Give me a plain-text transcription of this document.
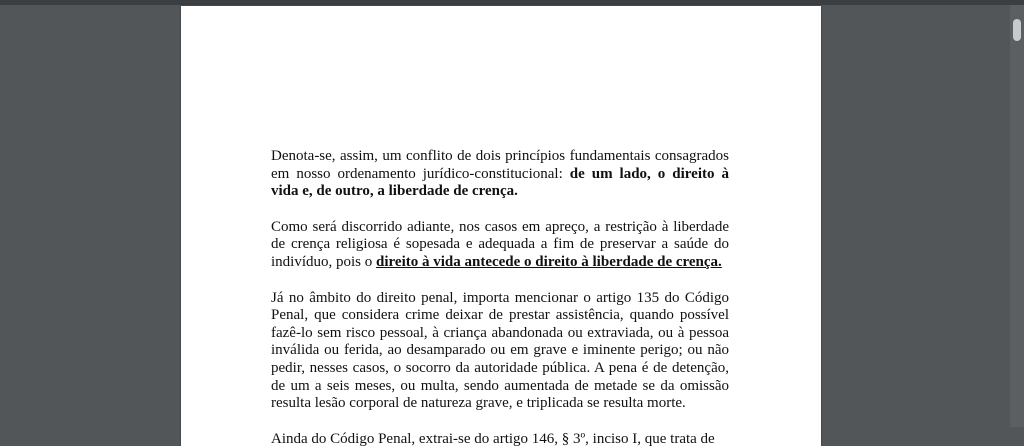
Denota-se, assim, um conflito de dois princípios fundamentais consagrados em nosso ordenamento jurídico-constitucional: de um lado, o direito à vida e, de outro, a liberdade de crença.

Como será discorrido adiante, nos casos em apreço, a restrição à liberdade de crença religiosa é sopesada e adequada a fim de preservar a saúde do indivíduo, pois o direito à vida antecede o direito à liberdade de crença.

Já no âmbito do direito penal, importa mencionar o artigo 135 do Código Penal, que considera crime deixar de prestar assistência, quando possível fazê-lo sem risco pessoal, à criança abandonada ou extraviada, ou à pessoa inválida ou ferida, ao desamparado ou em grave e iminente perigo; ou não pedir, nesses casos, o socorro da autoridade pública. A pena é de detenção, de um a seis meses, ou multa, sendo aumentada de metade se da omissão resulta lesão corporal de natureza grave, e triplicada se resulta morte.

Ainda do Código Penal, extrai-se do artigo 146, § 3º, inciso I, que trata de
